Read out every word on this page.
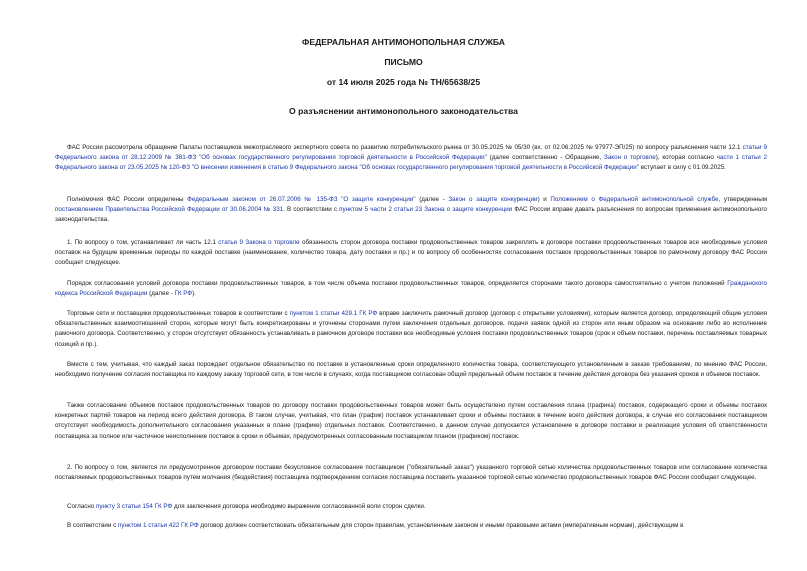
ФЕДЕРАЛЬНАЯ АНТИМОНОПОЛЬНАЯ СЛУЖБА
ПИСЬМО
от 14 июля 2025 года № ТН/65638/25
О разъяснении антимонопольного законодательства
ФАС России рассмотрела обращение Палаты поставщиков межотраслевого экспертного совета по развитию потребительского рынка от 30.05.2025 № 05/30 (вх. от 02.06.2025 № 97977-ЭП/25) по вопросу разъяснения части 12.1 статьи 9 Федерального закона от 28.12.2009 № 381-ФЗ "Об основах государственного регулирования торговой деятельности в Российской Федерации" (далее соответственно - Обращение, Закон о торговле), которая согласно части 1 статьи 2 Федерального закона от 23.05.2025 № 120-ФЗ "О внесении изменения в статью 9 Федерального закона "Об основах государственного регулирования торговой деятельности в Российской Федерации" вступает в силу с 01.09.2025.
Полномочия ФАС России определены Федеральным законом от 26.07.2006 № 135-ФЗ "О защите конкуренции" (далее - Закон о защите конкуренции) и Положением о Федеральной антимонопольной службе, утвержденным постановлением Правительства Российской Федерации от 30.06.2004 № 331. В соответствии с пунктом 5 части 2 статьи 23 Закона о защите конкуренции ФАС России вправе давать разъяснения по вопросам применения антимонопольного законодательства.
1. По вопросу о том, устанавливает ли часть 12.1 статьи 9 Закона о торговле обязанность сторон договора поставки продовольственных товаров закреплять в договоре поставки продовольственных товаров все необходимые условия поставок на будущие временные периоды по каждой поставке (наименование, количество товара, дату поставки и пр.) и по вопросу об особенностях согласования поставок продовольственных товаров по рамочному договору ФАС России сообщает следующее.
Порядок согласования условий договора поставки продовольственных товаров, в том числе объема поставки продовольственных товаров, определяется сторонами такого договора самостоятельно с учетом положений Гражданского кодекса Российской Федерации (далее - ГК РФ).
Торговые сети и поставщики продовольственных товаров в соответствии с пунктом 1 статьи 429.1 ГК РФ вправе заключить рамочный договор (договор с открытыми условиями), которым является договор, определяющий общие условия обязательственных взаимоотношений сторон, которые могут быть конкретизированы и уточнены сторонами путем заключения отдельных договоров, подачи заявок одной из сторон или иным образом на основании либо во исполнение рамочного договора. Соответственно, у сторон отсутствует обязанность устанавливать в рамочном договоре поставки все необходимые условия поставки продовольственных товаров (срок и объем поставки, перечень поставляемых товарных позиций и пр.).
Вместе с тем, учитывая, что каждый заказ порождает отдельное обязательство по поставке в установленные сроки определенного количества товара, соответствующего установленным в заказе требованиям, по мнению ФАС России, необходимо получение согласия поставщика по каждому заказу торговой сети, в том числе в случаях, когда поставщиком согласован общий предельный объем поставок в течение действия договора без указания сроков и объемов поставок.
Также согласование объемов поставок продовольственных товаров по договору поставки продовольственных товаров может быть осуществлено путем составления плана (графика) поставок, содержащего сроки и объемы поставок конкретных партий товаров на период всего действия договора. В таком случае, учитывая, что план (график) поставок устанавливает сроки и объемы поставок в течение всего действия договора, в случае его согласования поставщиком отсутствует необходимость дополнительного согласования указанных в плане (графике) отдельных поставок. Соответственно, в данном случае допускается установление в договоре поставки и реализация условия об ответственности поставщика за полное или частичное неисполнение поставок в сроки и объемах, предусмотренных согласованным поставщиком планом (графиком) поставок.
2. По вопросу о том, является ли предусмотренное договором поставки безусловное согласование поставщиком ("обязательный заказ") указанного торговой сетью количества продовольственных товаров или согласование количества поставляемых продовольственных товаров путем молчания (бездействия) поставщика подтверждением согласия поставщика поставить указанное торговой сетью количество продовольственных товаров ФАС России сообщает следующее.
Согласно пункту 3 статьи 154 ГК РФ для заключения договора необходимо выражение согласованной воли сторон сделки.
В соответствии с пунктом 1 статьи 422 ГК РФ договор должен соответствовать обязательным для сторон правилам, установленным законом и иными правовыми актами (императивным нормам), действующим в
